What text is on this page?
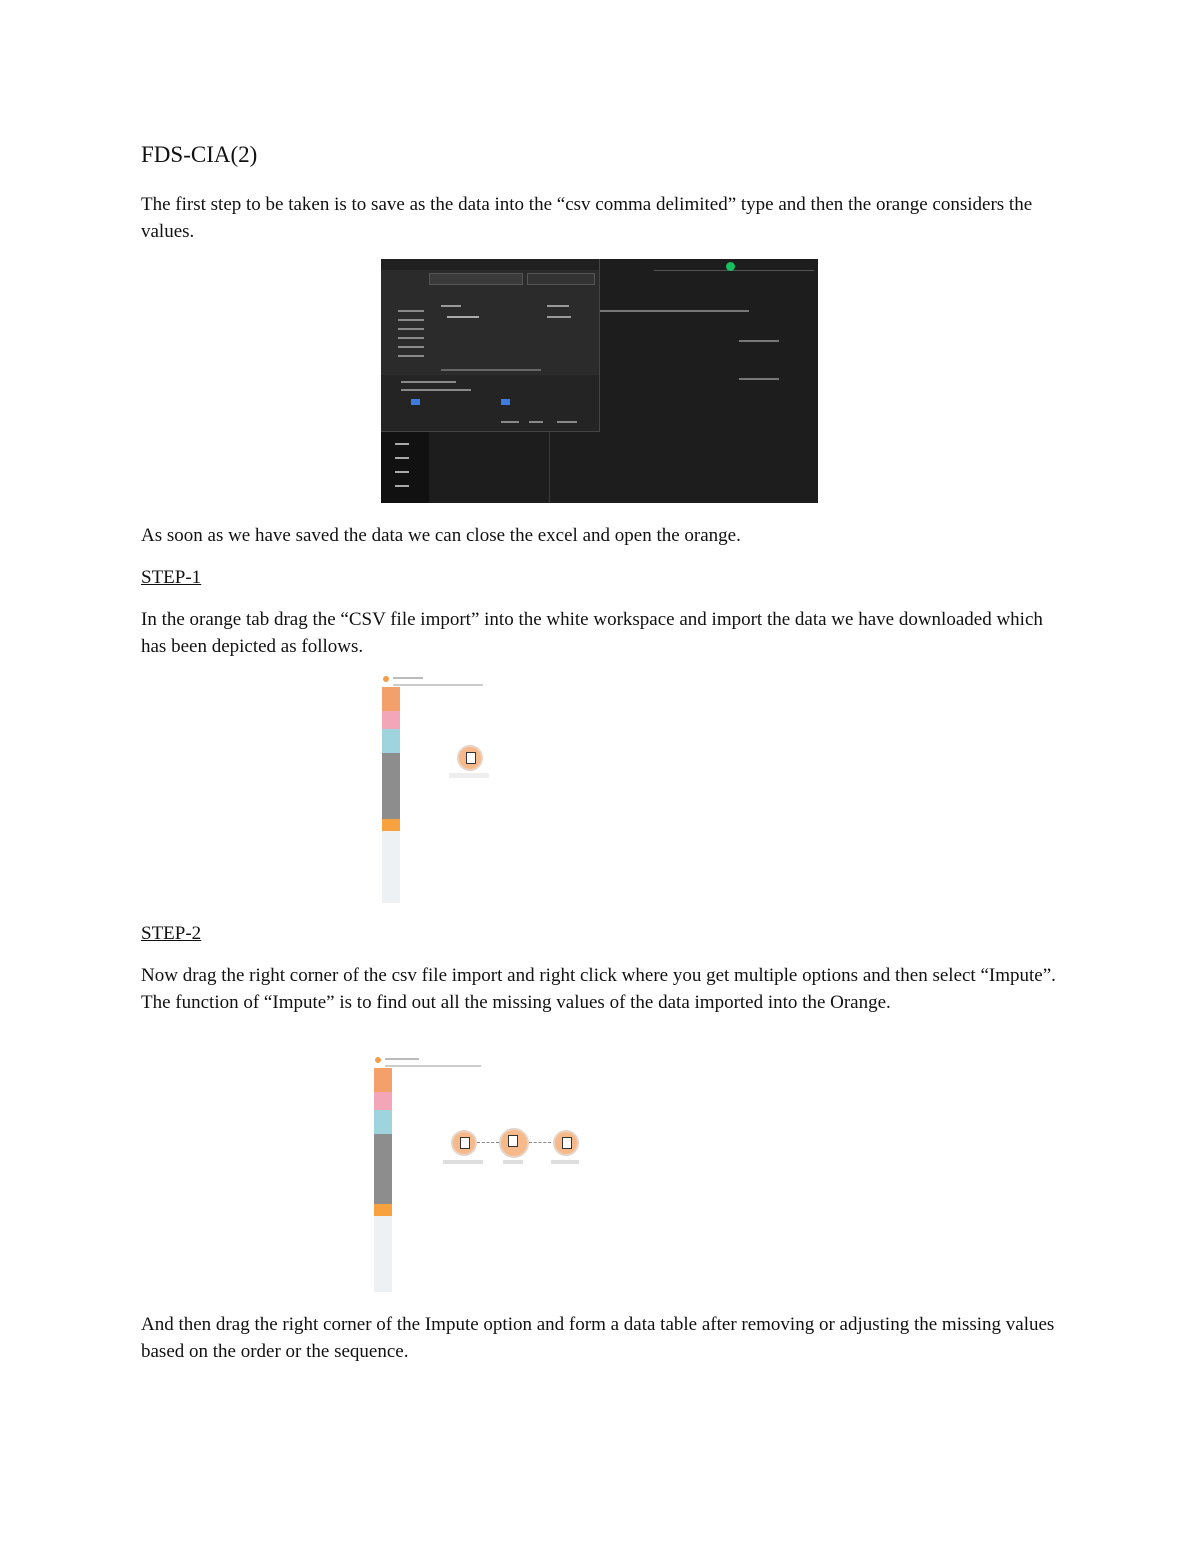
FDS-CIA(2)

The first step to be taken is to save as the data into the “csv comma delimited” type and then the orange considers the values.

As soon as we have saved the data we can close the excel and open the orange.

STEP-1

In the orange tab drag the “CSV file import” into the white workspace and import the data we have downloaded which has been depicted as follows.

STEP-2

Now drag the right corner of the csv file import and right click where you get multiple options and then select “Impute”. The function of “Impute” is to find out all the missing values of the data imported into the Orange.

And then drag the right corner of the Impute option and form a data table after removing or adjusting the missing values based on the order or the sequence.
